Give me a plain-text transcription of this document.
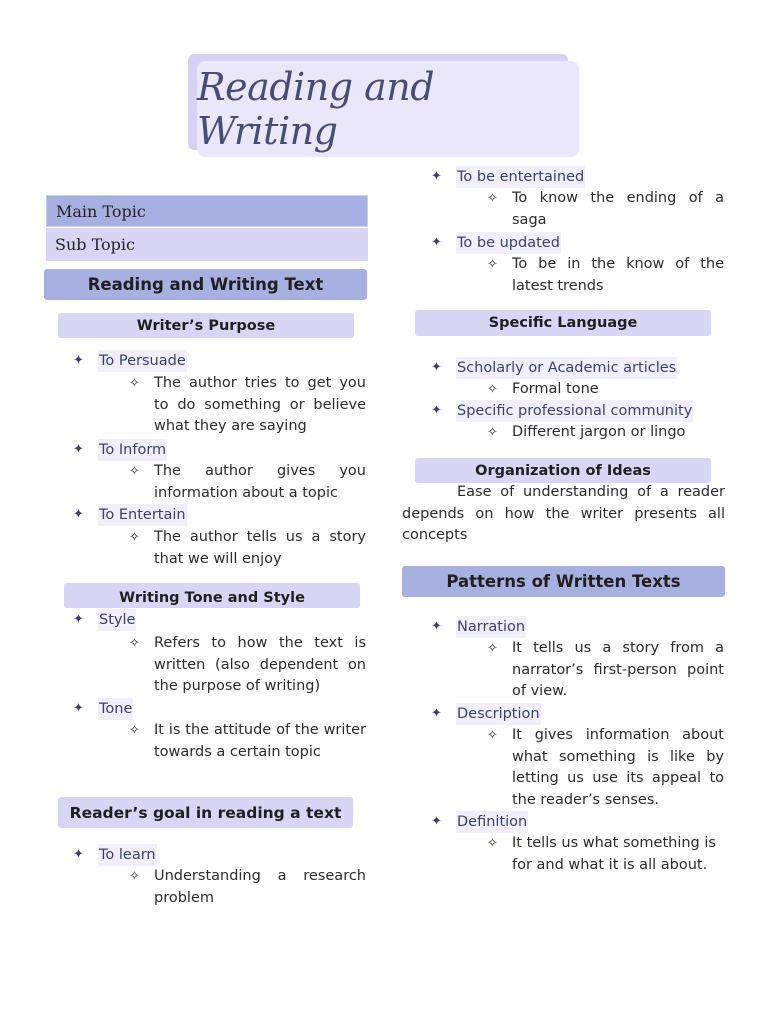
Reading and Writing
Main Topic
Sub Topic
Reading and Writing Text
Writer’s Purpose
✦ To Persuade
✧ The author tries to get you to do something or believe what they are saying
✦ To Inform
✧ The author gives you information about a topic
✦ To Entertain
✧ The author tells us a story that we will enjoy
Writing Tone and Style
✦ Style
✧ Refers to how the text is written (also dependent on the purpose of writing)
✦ Tone
✧ It is the attitude of the writer towards a certain topic
Reader’s goal in reading a text
✦ To learn
✧ Understanding a research problem
✦ To be entertained
✧ To know the ending of a saga
✦ To be updated
✧ To be in the know of the latest trends
Specific Language
✦ Scholarly or Academic articles
✧ Formal tone
✦ Specific professional community
✧ Different jargon or lingo
Organization of Ideas
Ease of understanding of a reader depends on how the writer presents all concepts
Patterns of Written Texts
✦ Narration
✧ It tells us a story from a narrator’s first-person point of view.
✦ Description
✧ It gives information about what something is like by letting us use its appeal to the reader’s senses.
✦ Definition
✧ It tells us what something is for and what it is all about.
